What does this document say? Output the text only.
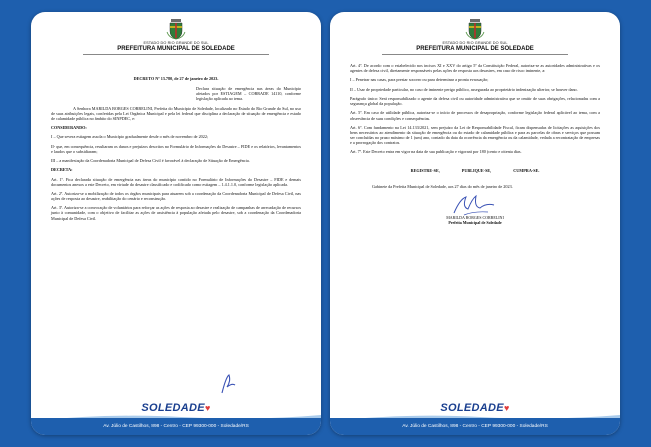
ESTADO DO RIO GRANDE DO SUL
PREFEITURA MUNICIPAL DE SOLEDADE

DECRETO Nº 13.780, de 27 de janeiro de 2023.

Declara situação de emergência nas áreas do Município afetados por ESTIAGEM – COBRADE 14110, conforme legislação aplicada ao tema.

A Senhora MARILDA BORGES CORBELINI, Prefeita do Município de Soledade, localizado no Estado do Rio Grande do Sul, no uso de suas atribuições legais, conferidas pela Lei Orgânica Municipal e pela lei federal que disciplina a declaração de situação de emergência e estado de calamidade pública no âmbito do SINPDEC, e:

CONSIDERANDO:

I – Que severa estiagem assola o Município gradualmente desde o mês de novembro de 2022;

II- que, em consequência, resultaram os danos e prejuízos descritos no Formulário de Informações do Desastre – FIDE e os relatórios, levantamentos e laudos que o subsidiaram;

III – a manifestação da Coordenadoria Municipal de Defesa Civil é favorável à declaração de Situação de Emergência.

DECRETA:

Art. 1º. Fica declarada situação de emergência nas áreas do município contido no Formulário de Informações do Desastre – FIDE e demais documentos anexos a este Decreto, em virtude do desastre classificado e codificado como estiagem – 1.4.1.1.0, conforme legislação aplicada.

Art. 2º. Autoriza-se a mobilização de todos os órgãos municipais para atuarem sob a coordenação da Coordenadoria Municipal de Defesa Civil, nas ações de resposta ao desastre, reabilitação do cenário e reconstrução.

Art. 3º. Autoriza-se a convocação de voluntários para reforçar as ações de resposta ao desastre e realização de campanhas de arrecadação de recursos junto à comunidade, com o objetivo de facilitar as ações de assistência à população afetada pelo desastre, sob a coordenação da Coordenadoria Municipal de Defesa Civil.

SOLEDADE♥
Av. Júlio de Castilhos, 898 - Centro - CEP 99300-000 - Soledade/RS
ESTADO DO RIO GRANDE DO SUL
PREFEITURA MUNICIPAL DE SOLEDADE

Art. 4º. De acordo com o estabelecido nos incisos XI e XXV do artigo 5º da Constituição Federal, autoriza-se as autoridades administrativas e os agentes de defesa civil, diretamente responsáveis pelas ações de resposta aos desastres, em caso de risco iminente, a:

I – Penetrar nas casas, para prestar socorro ou para determinar a pronta evacuação;

II – Usar de propriedade particular, no caso de iminente perigo público, assegurada ao proprietário indenização ulterior, se houver dano.

Parágrafo único: Será responsabilizado o agente da defesa civil ou autoridade administrativa que se omitir de suas obrigações, relacionadas com a segurança global da população.

Art. 5º. Em caso de utilidade pública, autoriza-se o início de processos de desapropriação, conforme legislação federal aplicável ao tema, com a observância de suas condições e consequências.

Art. 6º. Com fundamento na Lei 14.133/2021, sem prejuízo da Lei de Responsabilidade Fiscal, ficam dispensadas de licitações as aquisições dos bens necessários ao atendimento da situação de emergência ou do estado de calamidade pública e para as parcelas de obras e serviços que possam ser concluídas no prazo máximo de 1 (um) ano, contado da data da ocorrência da emergência ou da calamidade, vedada a recontratação de empresas e a prorrogação dos contratos.

Art. 7º. Este Decreto entra em vigor na data de sua publicação e vigorará por 180 (cento e oitenta dias.

REGISTRE-SE,	PUBLIQUE-SE,	CUMPRA-SE.

Gabinete da Prefeita Municipal de Soledade, aos 27 dias do mês de janeiro de 2023.

MARILDA BORGES CORBELINI
Prefeita Municipal de Soledade
SOLEDADE♥
Av. Júlio de Castilhos, 898 - Centro - CEP 99300-000 - Soledade/RS
